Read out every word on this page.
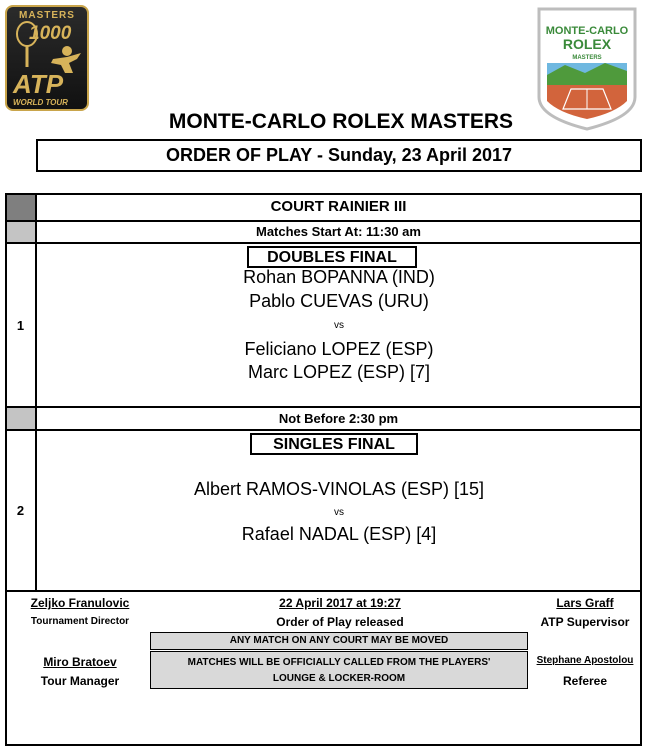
MASTERS
1000
ATP
WORLD TOUR
MONTE-CARLO
ROLEX
MASTERS
MONTE-CARLO ROLEX MASTERS
ORDER OF PLAY - Sunday, 23 April 2017
COURT RAINIER III
Matches Start At: 11:30 am
1
DOUBLES FINAL
Rohan BOPANNA (IND)
Pablo CUEVAS (URU)
vs
Feliciano LOPEZ (ESP)
Marc LOPEZ (ESP) [7]
Not Before 2:30 pm
SINGLES FINAL
2
Albert RAMOS-VINOLAS (ESP) [15]
vs
Rafael NADAL (ESP) [4]
Zeljko Franulovic
Tournament Director
Miro Bratoev
Tour Manager
22 April 2017 at 19:27
Order of Play released
ANY MATCH ON ANY COURT MAY BE MOVED
MATCHES WILL BE OFFICIALLY CALLED FROM THE PLAYERS'
LOUNGE & LOCKER-ROOM
Lars Graff
ATP Supervisor
Stephane Apostolou
Referee
